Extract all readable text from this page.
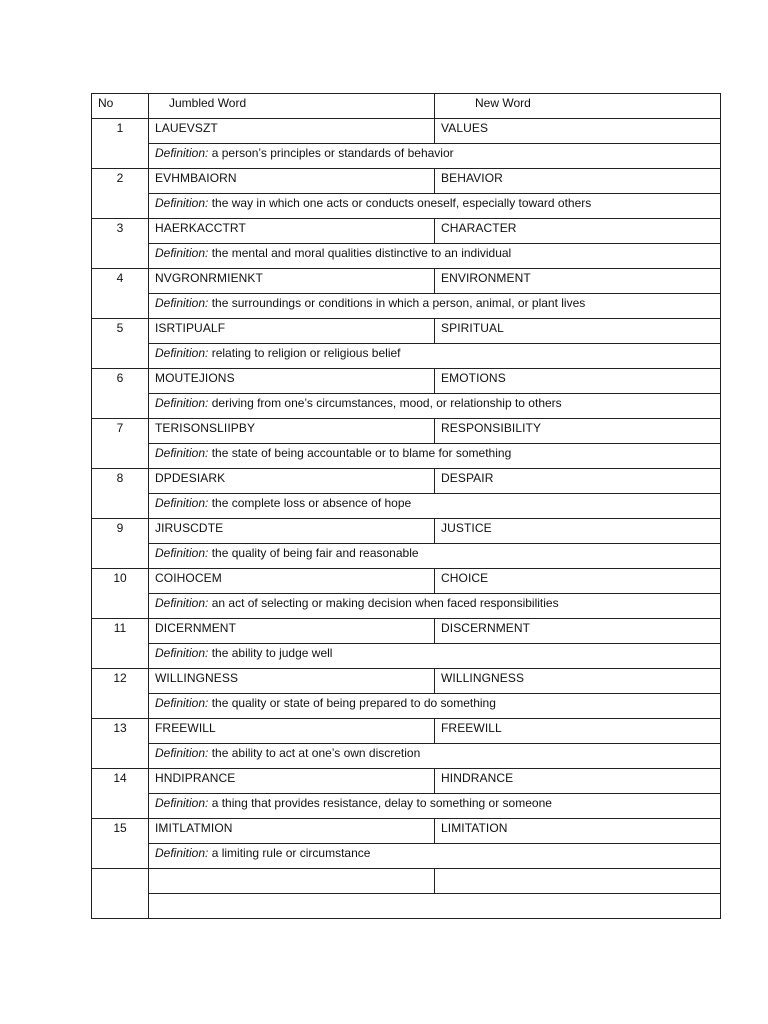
No	Jumbled Word	New Word
1	LAUEVSZT	VALUES
	Definition: a person’s principles or standards of behavior	
2	EVHMBAIORN	BEHAVIOR
	Definition: the way in which one acts or conducts oneself, especially toward others	
3	HAERKACCTRT	CHARACTER
	Definition: the mental and moral qualities distinctive to an individual	
4	NVGRONRMIENKT	ENVIRONMENT
	Definition: the surroundings or conditions in which a person, animal, or plant lives	
5	ISRTIPUALF	SPIRITUAL
	Definition: relating to religion or religious belief	
6	MOUTEJIONS	EMOTIONS
	Definition: deriving from one’s circumstances, mood, or relationship to others	
7	TERISONSLIIPBY	RESPONSIBILITY
	Definition: the state of being accountable or to blame for something	
8	DPDESIARK	DESPAIR
	Definition: the complete loss or absence of hope	
9	JIRUSCDTE	JUSTICE
	Definition: the quality of being fair and reasonable	
10	COIHOCEM	CHOICE
	Definition: an act of selecting or making decision when faced responsibilities	
11	DICERNMENT	DISCERNMENT
	Definition: the ability to judge well	
12	WILLINGNESS	WILLINGNESS
	Definition: the quality or state of being prepared to do something	
13	FREEWILL	FREEWILL
	Definition: the ability to act at one’s own discretion	
14	HNDIPRANCE	HINDRANCE
	Definition: a thing that provides resistance, delay to something or someone	
15	IMITLATMION	LIMITATION
	Definition: a limiting rule or circumstance	
